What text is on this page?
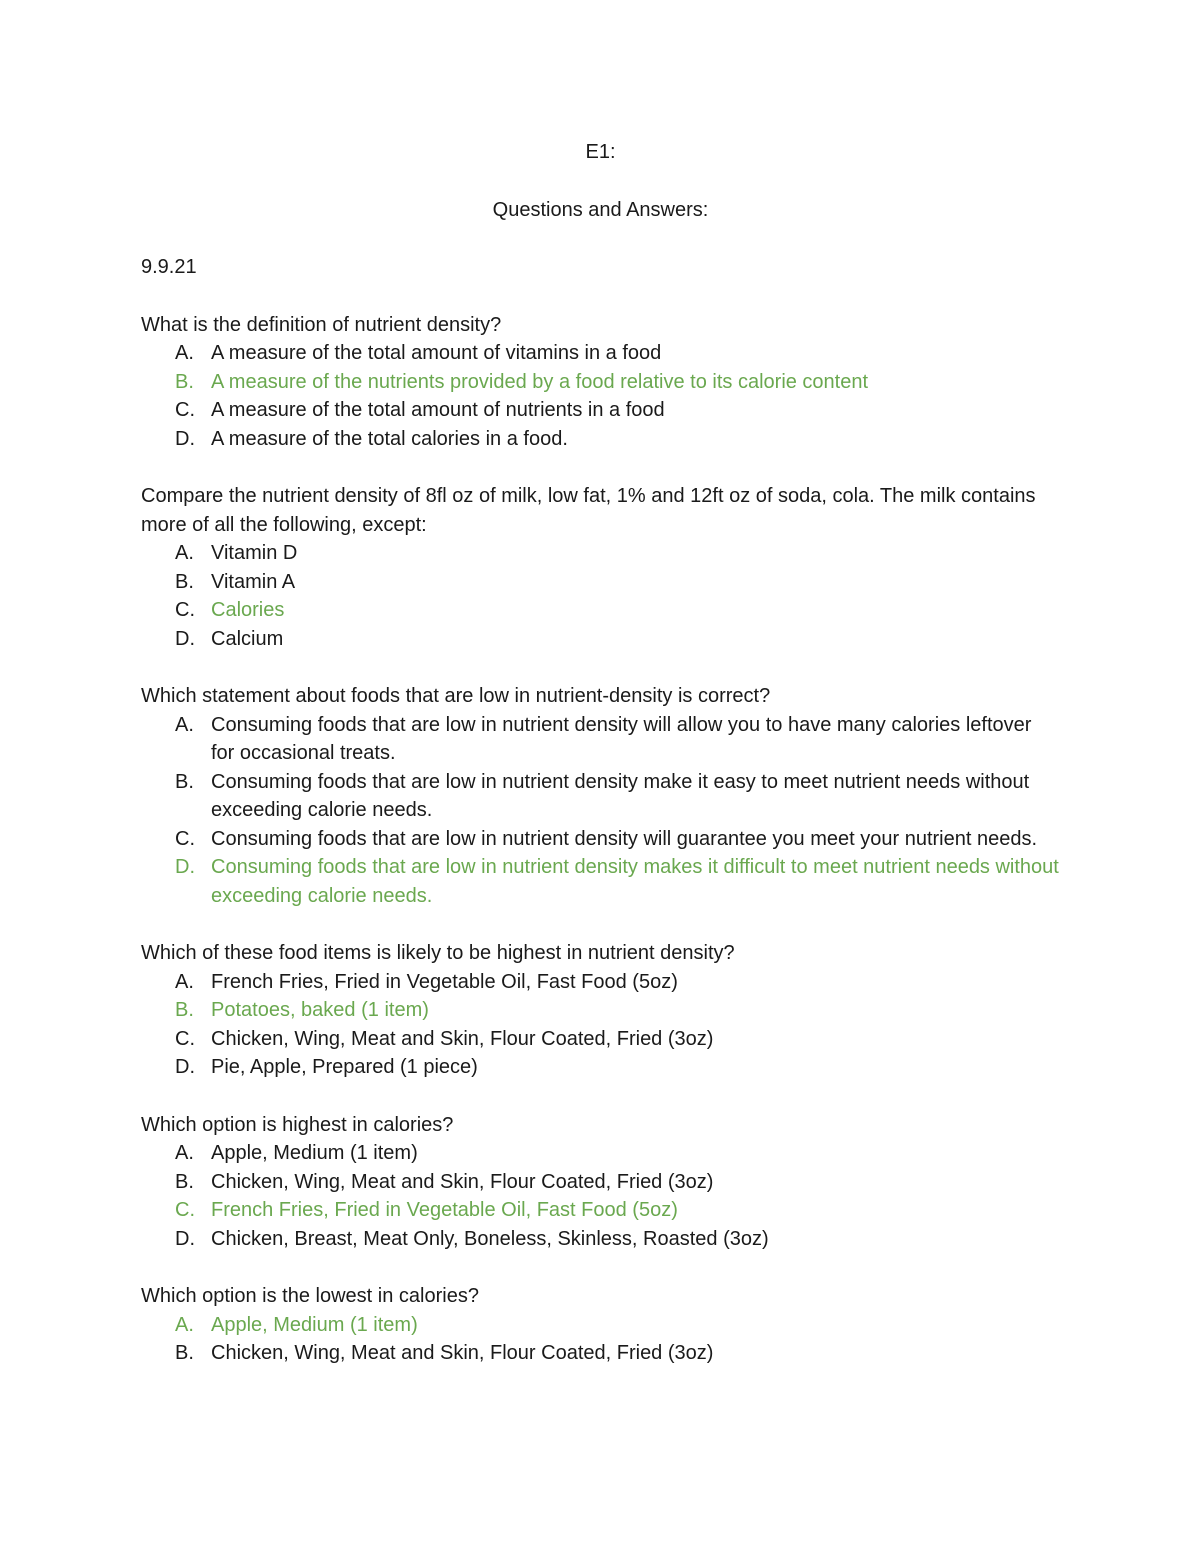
E1:

Questions and Answers:

9.9.21

What is the definition of nutrient density?

A. A measure of the total amount of vitamins in a food
B. A measure of the nutrients provided by a food relative to its calorie content
C. A measure of the total amount of nutrients in a food
D. A measure of the total calories in a food.

Compare the nutrient density of 8fl oz of milk, low fat, 1% and 12ft oz of soda, cola. The milk contains more of all the following, except:

A. Vitamin D
B. Vitamin A
C. Calories
D. Calcium

Which statement about foods that are low in nutrient-density is correct?

A. Consuming foods that are low in nutrient density will allow you to have many calories leftover for occasional treats.
B. Consuming foods that are low in nutrient density make it easy to meet nutrient needs without exceeding calorie needs.
C. Consuming foods that are low in nutrient density will guarantee you meet your nutrient needs.
D. Consuming foods that are low in nutrient density makes it difficult to meet nutrient needs without exceeding calorie needs.

Which of these food items is likely to be highest in nutrient density?

A. French Fries, Fried in Vegetable Oil, Fast Food (5oz)
B. Potatoes, baked (1 item)
C. Chicken, Wing, Meat and Skin, Flour Coated, Fried (3oz)
D. Pie, Apple, Prepared (1 piece)

Which option is highest in calories?

A. Apple, Medium (1 item)
B. Chicken, Wing, Meat and Skin, Flour Coated, Fried (3oz)
C. French Fries, Fried in Vegetable Oil, Fast Food (5oz)
D. Chicken, Breast, Meat Only, Boneless, Skinless, Roasted (3oz)

Which option is the lowest in calories?

A. Apple, Medium (1 item)
B. Chicken, Wing, Meat and Skin, Flour Coated, Fried (3oz)
